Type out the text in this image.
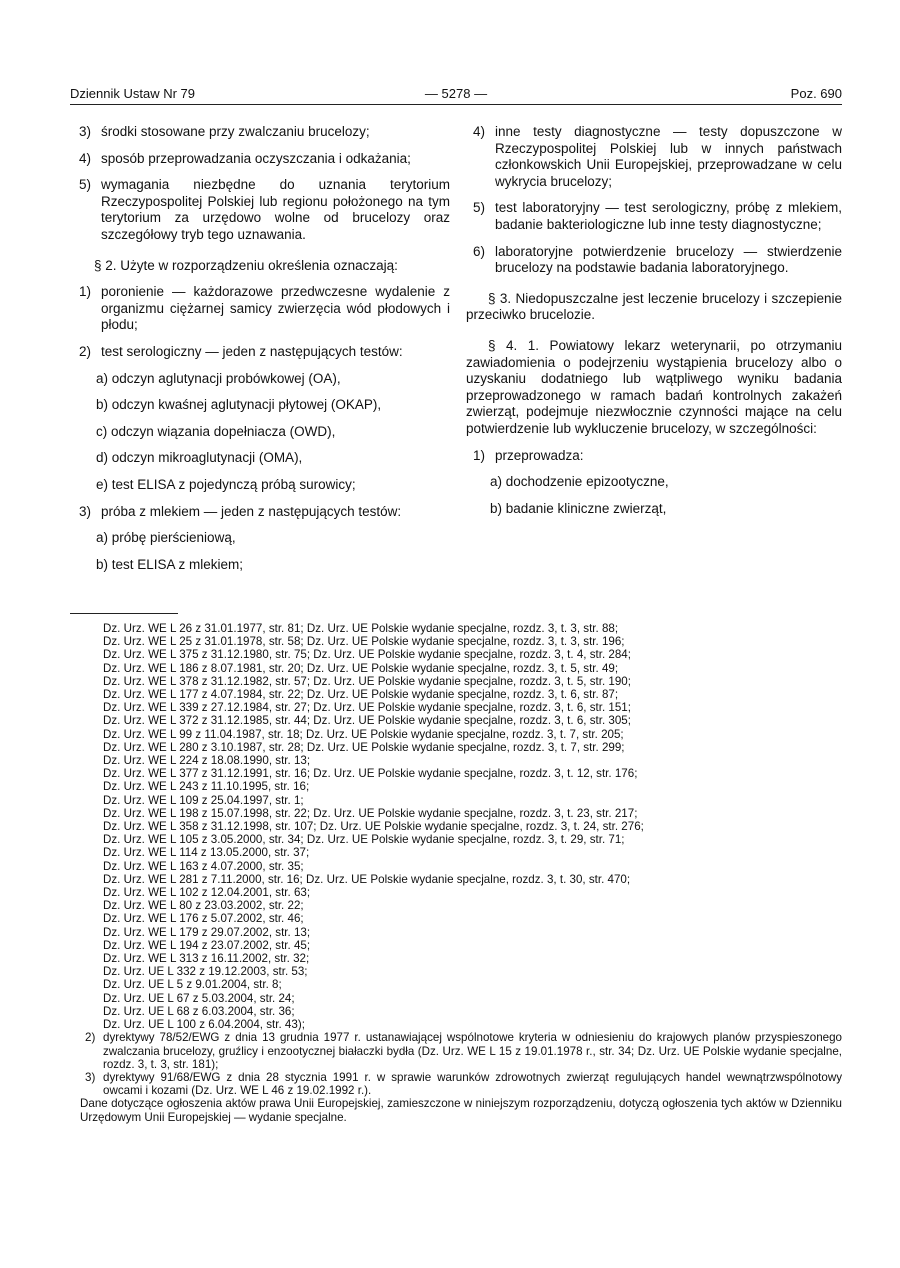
Dziennik Ustaw Nr 79	— 5278 —	Poz. 690
3) środki stosowane przy zwalczaniu brucelozy;
4) sposób przeprowadzania oczyszczania i odkażania;
5) wymagania niezbędne do uznania terytorium Rzeczypospolitej Polskiej lub regionu położonego na tym terytorium za urzędowo wolne od brucelozy oraz szczegółowy tryb tego uznawania.
§ 2. Użyte w rozporządzeniu określenia oznaczają:
1) poronienie — każdorazowe przedwczesne wydalenie z organizmu ciężarnej samicy zwierzęcia wód płodowych i płodu;
2) test serologiczny — jeden z następujących testów:
a) odczyn aglutynacji probówkowej (OA),
b) odczyn kwaśnej aglutynacji płytowej (OKAP),
c) odczyn wiązania dopełniacza (OWD),
d) odczyn mikroaglutynacji (OMA),
e) test ELISA z pojedynczą próbą surowicy;
3) próba z mlekiem — jeden z następujących testów:
a) próbę pierścieniową,
b) test ELISA z mlekiem;
4) inne testy diagnostyczne — testy dopuszczone w Rzeczypospolitej Polskiej lub w innych państwach członkowskich Unii Europejskiej, przeprowadzane w celu wykrycia brucelozy;
5) test laboratoryjny — test serologiczny, próbę z mlekiem, badanie bakteriologiczne lub inne testy diagnostyczne;
6) laboratoryjne potwierdzenie brucelozy — stwierdzenie brucelozy na podstawie badania laboratoryjnego.
§ 3. Niedopuszczalne jest leczenie brucelozy i szczepienie przeciwko brucelozie.
§ 4. 1. Powiatowy lekarz weterynarii, po otrzymaniu zawiadomienia o podejrzeniu wystąpienia brucelozy albo o uzyskaniu dodatniego lub wątpliwego wyniku badania przeprowadzonego w ramach badań kontrolnych zakażeń zwierząt, podejmuje niezwłocznie czynności mające na celu potwierdzenie lub wykluczenie brucelozy, w szczególności:
1) przeprowadza:
a) dochodzenie epizootyczne,
b) badanie kliniczne zwierząt,
Dz. Urz. WE L 26 z 31.01.1977, str. 81; Dz. Urz. UE Polskie wydanie specjalne, rozdz. 3, t. 3, str. 88;
Dz. Urz. WE L 25 z 31.01.1978, str. 58; Dz. Urz. UE Polskie wydanie specjalne, rozdz. 3, t. 3, str. 196;
Dz. Urz. WE L 375 z 31.12.1980, str. 75; Dz. Urz. UE Polskie wydanie specjalne, rozdz. 3, t. 4, str. 284;
Dz. Urz. WE L 186 z 8.07.1981, str. 20; Dz. Urz. UE Polskie wydanie specjalne, rozdz. 3, t. 5, str. 49;
Dz. Urz. WE L 378 z 31.12.1982, str. 57; Dz. Urz. UE Polskie wydanie specjalne, rozdz. 3, t. 5, str. 190;
Dz. Urz. WE L 177 z 4.07.1984, str. 22; Dz. Urz. UE Polskie wydanie specjalne, rozdz. 3, t. 6, str. 87;
Dz. Urz. WE L 339 z 27.12.1984, str. 27; Dz. Urz. UE Polskie wydanie specjalne, rozdz. 3, t. 6, str. 151;
Dz. Urz. WE L 372 z 31.12.1985, str. 44; Dz. Urz. UE Polskie wydanie specjalne, rozdz. 3, t. 6, str. 305;
Dz. Urz. WE L 99 z 11.04.1987, str. 18; Dz. Urz. UE Polskie wydanie specjalne, rozdz. 3, t. 7, str. 205;
Dz. Urz. WE L 280 z 3.10.1987, str. 28; Dz. Urz. UE Polskie wydanie specjalne, rozdz. 3, t. 7, str. 299;
Dz. Urz. WE L 224 z 18.08.1990, str. 13;
Dz. Urz. WE L 377 z 31.12.1991, str. 16; Dz. Urz. UE Polskie wydanie specjalne, rozdz. 3, t. 12, str. 176;
Dz. Urz. WE L 243 z 11.10.1995, str. 16;
Dz. Urz. WE L 109 z 25.04.1997, str. 1;
Dz. Urz. WE L 198 z 15.07.1998, str. 22; Dz. Urz. UE Polskie wydanie specjalne, rozdz. 3, t. 23, str. 217;
Dz. Urz. WE L 358 z 31.12.1998, str. 107; Dz. Urz. UE Polskie wydanie specjalne, rozdz. 3, t. 24, str. 276;
Dz. Urz. WE L 105 z 3.05.2000, str. 34; Dz. Urz. UE Polskie wydanie specjalne, rozdz. 3, t. 29, str. 71;
Dz. Urz. WE L 114 z 13.05.2000, str. 37;
Dz. Urz. WE L 163 z 4.07.2000, str. 35;
Dz. Urz. WE L 281 z 7.11.2000, str. 16; Dz. Urz. UE Polskie wydanie specjalne, rozdz. 3, t. 30, str. 470;
Dz. Urz. WE L 102 z 12.04.2001, str. 63;
Dz. Urz. WE L 80 z 23.03.2002, str. 22;
Dz. Urz. WE L 176 z 5.07.2002, str. 46;
Dz. Urz. WE L 179 z 29.07.2002, str. 13;
Dz. Urz. WE L 194 z 23.07.2002, str. 45;
Dz. Urz. WE L 313 z 16.11.2002, str. 32;
Dz. Urz. UE L 332 z 19.12.2003, str. 53;
Dz. Urz. UE L 5 z 9.01.2004, str. 8;
Dz. Urz. UE L 67 z 5.03.2004, str. 24;
Dz. Urz. UE L 68 z 6.03.2004, str. 36;
Dz. Urz. UE L 100 z 6.04.2004, str. 43);
2) dyrektywy 78/52/EWG z dnia 13 grudnia 1977 r. ustanawiającej wspólnotowe kryteria w odniesieniu do krajowych planów przyspieszonego zwalczania brucelozy, gruźlicy i enzootycznej białaczki bydła (Dz. Urz. WE L 15 z 19.01.1978 r., str. 34; Dz. Urz. UE Polskie wydanie specjalne, rozdz. 3, t. 3, str. 181);
3) dyrektywy 91/68/EWG z dnia 28 stycznia 1991 r. w sprawie warunków zdrowotnych zwierząt regulujących handel wewnątrzwspólnotowy owcami i kozami (Dz. Urz. WE L 46 z 19.02.1992 r.).
Dane dotyczące ogłoszenia aktów prawa Unii Europejskiej, zamieszczone w niniejszym rozporządzeniu, dotyczą ogłoszenia tych aktów w Dzienniku Urzędowym Unii Europejskiej — wydanie specjalne.
